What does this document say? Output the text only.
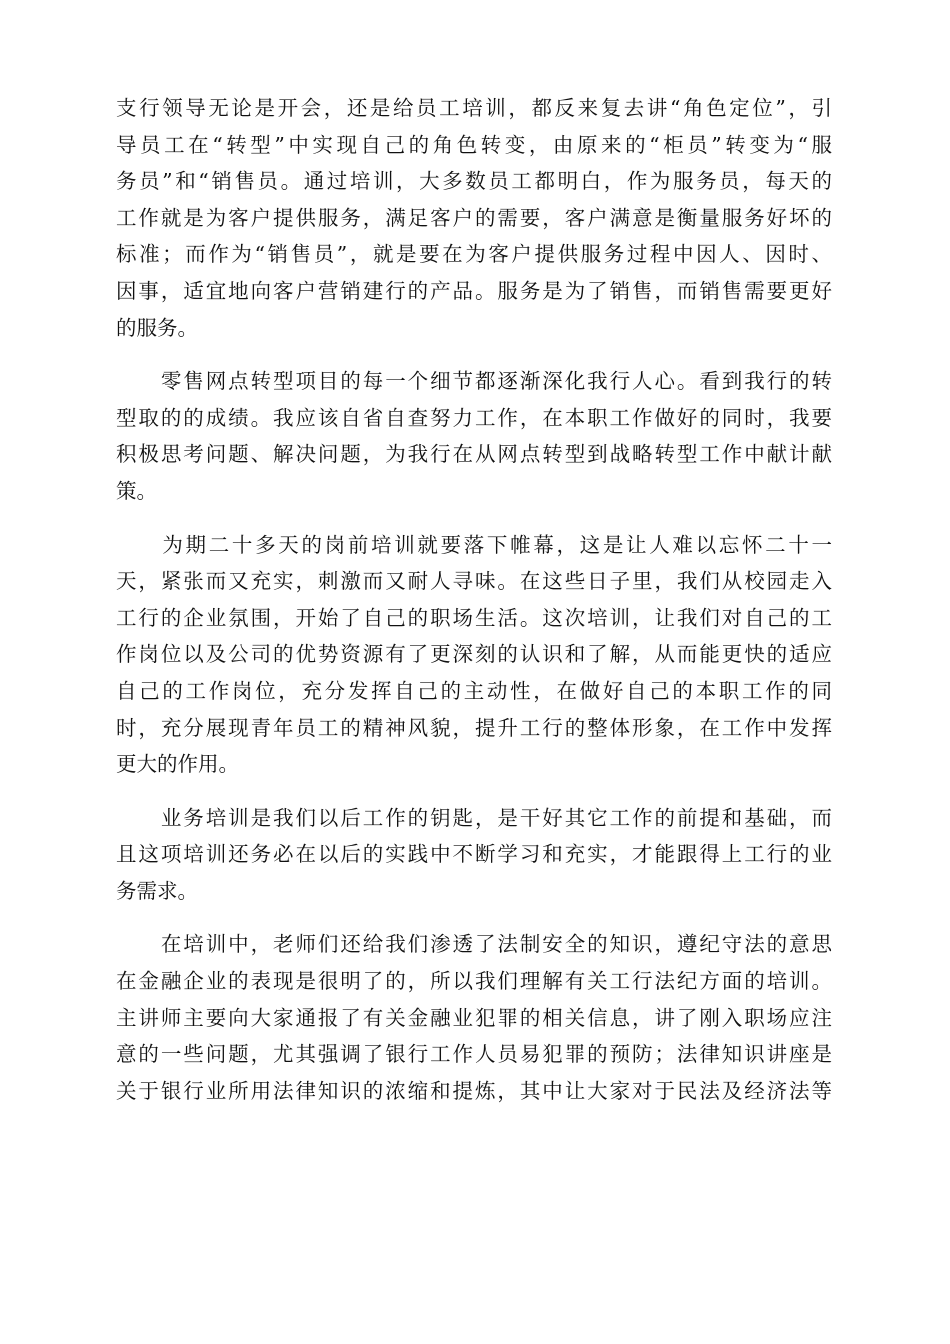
支行领导无论是开会，还是给员工培训，都反来复去讲“角色定位”，引
导员工在“转型”中实现自己的角色转变，由原来的“柜员”转变为“服
务员”和“销售员。通过培训，大多数员工都明白，作为服务员，每天的
工作就是为客户提供服务，满足客户的需要，客户满意是衡量服务好坏的
标准；而作为“销售员”，就是要在为客户提供服务过程中因人、因时、
因事，适宜地向客户营销建行的产品。服务是为了销售，而销售需要更好
的服务。
　　零售网点转型项目的每一个细节都逐渐深化我行人心。看到我行的转
型取的的成绩。我应该自省自查努力工作，在本职工作做好的同时，我要
积极思考问题、解决问题，为我行在从网点转型到战略转型工作中献计献
策。
　　为期二十多天的岗前培训就要落下帷幕，这是让人难以忘怀二十一
天，紧张而又充实，刺激而又耐人寻味。在这些日子里，我们从校园走入
工行的企业氛围，开始了自己的职场生活。这次培训，让我们对自己的工
作岗位以及公司的优势资源有了更深刻的认识和了解，从而能更快的适应
自己的工作岗位，充分发挥自己的主动性，在做好自己的本职工作的同
时，充分展现青年员工的精神风貌，提升工行的整体形象，在工作中发挥
更大的作用。
　　业务培训是我们以后工作的钥匙，是干好其它工作的前提和基础，而
且这项培训还务必在以后的实践中不断学习和充实，才能跟得上工行的业
务需求。
　　在培训中，老师们还给我们渗透了法制安全的知识，遵纪守法的意思
在金融企业的表现是很明了的，所以我们理解有关工行法纪方面的培训。
主讲师主要向大家通报了有关金融业犯罪的相关信息，讲了刚入职场应注
意的一些问题，尤其强调了银行工作人员易犯罪的预防；法律知识讲座是
关于银行业所用法律知识的浓缩和提炼，其中让大家对于民法及经济法等
